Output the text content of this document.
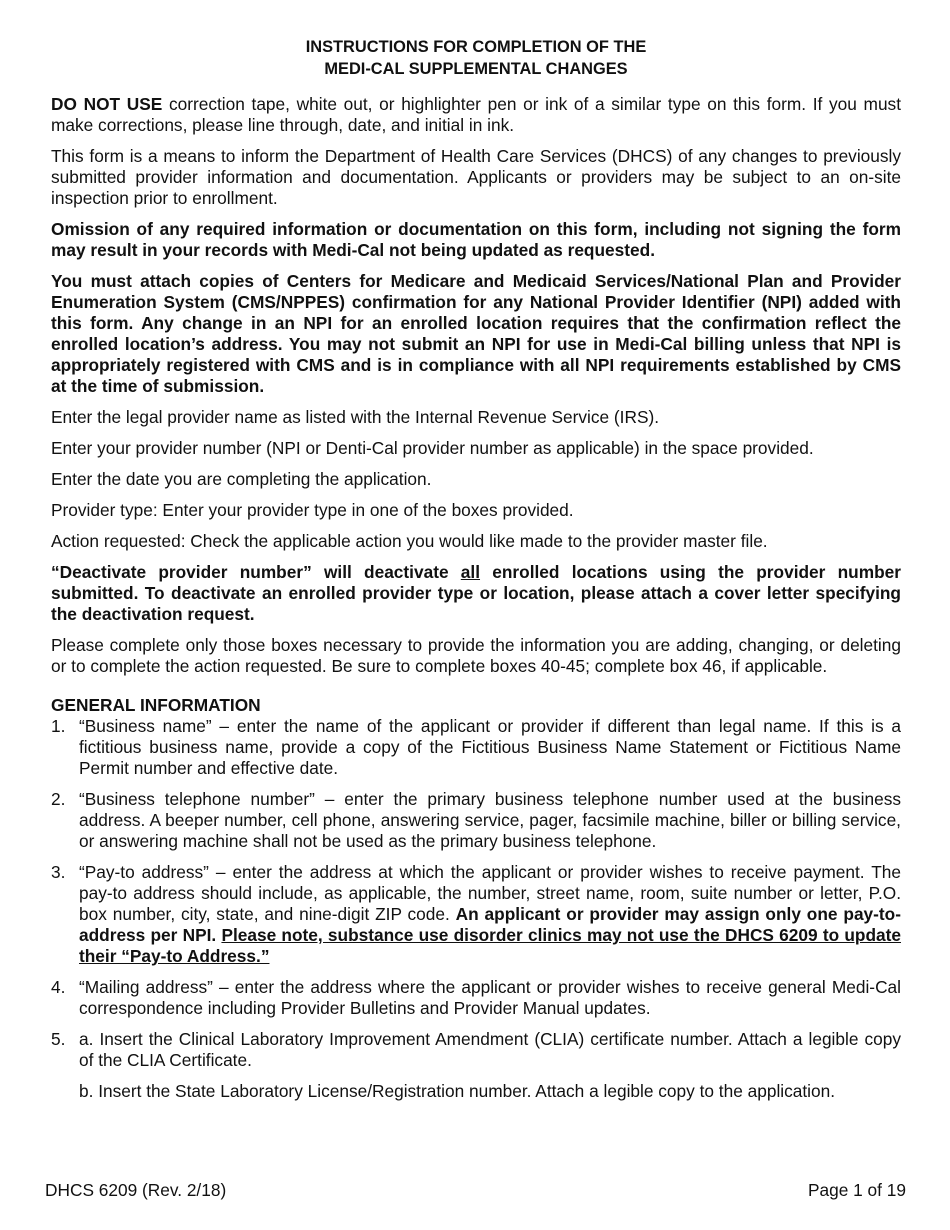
INSTRUCTIONS FOR COMPLETION OF THE
MEDI-CAL SUPPLEMENTAL CHANGES

DO NOT USE correction tape, white out, or highlighter pen or ink of a similar type on this form. If you must make corrections, please line through, date, and initial in ink.

This form is a means to inform the Department of Health Care Services (DHCS) of any changes to previously submitted provider information and documentation. Applicants or providers may be subject to an on-site inspection prior to enrollment.

Omission of any required information or documentation on this form, including not signing the form may result in your records with Medi-Cal not being updated as requested.

You must attach copies of Centers for Medicare and Medicaid Services/National Plan and Provider Enumeration System (CMS/NPPES) confirmation for any National Provider Identifier (NPI) added with this form. Any change in an NPI for an enrolled location requires that the confirmation reflect the enrolled location’s address. You may not submit an NPI for use in Medi-Cal billing unless that NPI is appropriately registered with CMS and is in compliance with all NPI requirements established by CMS at the time of submission.

Enter the legal provider name as listed with the Internal Revenue Service (IRS).

Enter your provider number (NPI or Denti-Cal provider number as applicable) in the space provided.

Enter the date you are completing the application.

Provider type: Enter your provider type in one of the boxes provided.

Action requested: Check the applicable action you would like made to the provider master file.

“Deactivate provider number” will deactivate all enrolled locations using the provider number submitted. To deactivate an enrolled provider type or location, please attach a cover letter specifying the deactivation request.

Please complete only those boxes necessary to provide the information you are adding, changing, or deleting or to complete the action requested. Be sure to complete boxes 40-45; complete box 46, if applicable.

GENERAL INFORMATION
1. “Business name” – enter the name of the applicant or provider if different than legal name. If this is a fictitious business name, provide a copy of the Fictitious Business Name Statement or Fictitious Name Permit number and effective date.
2. “Business telephone number” – enter the primary business telephone number used at the business address. A beeper number, cell phone, answering service, pager, facsimile machine, biller or billing service, or answering machine shall not be used as the primary business telephone.
3. “Pay-to address” – enter the address at which the applicant or provider wishes to receive payment. The pay-to address should include, as applicable, the number, street name, room, suite number or letter, P.O. box number, city, state, and nine-digit ZIP code. An applicant or provider may assign only one pay-to-address per NPI. Please note, substance use disorder clinics may not use the DHCS 6209 to update their “Pay-to Address.”
4. “Mailing address” – enter the address where the applicant or provider wishes to receive general Medi-Cal correspondence including Provider Bulletins and Provider Manual updates.
5. a. Insert the Clinical Laboratory Improvement Amendment (CLIA) certificate number. Attach a legible copy of the CLIA Certificate.
b. Insert the State Laboratory License/Registration number. Attach a legible copy to the application.
DHCS 6209 (Rev. 2/18)	Page 1 of 19
